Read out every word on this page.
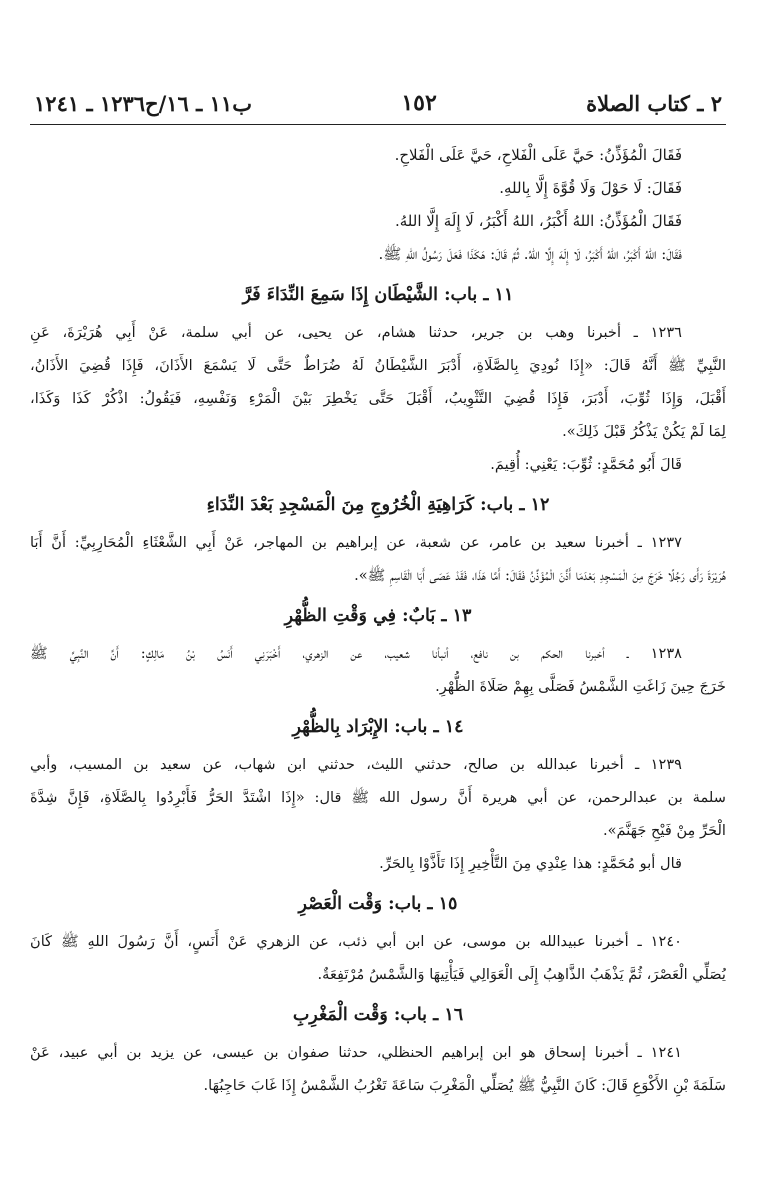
٢ ـ كتاب الصلاة
١٥٢
ب١١ ـ ١٦/ح١٢٣٦ ـ ١٢٤١
فَقَالَ الْمُؤَذِّنُ: حَيَّ عَلَى الْفَلاحِ، حَيَّ عَلَى الْفَلاحِ.
فَقَالَ: لَا حَوْلَ وَلَا قُوَّةَ إِلَّا بِاللهِ.
فَقَالَ الْمُؤَذِّنُ: اللهُ أَكْبَرُ، اللهُ أَكْبَرُ، لَا إِلَهَ إِلَّا اللهُ.
فَقَالَ: اللهُ أَكْبَرُ، اللهُ أَكْبَرُ، لَا إِلَهَ إِلَّا اللهُ. ثُمَّ قَالَ: هَكَذَا فَعَلَ رَسُولُ اللهِ ﷺ.
١١ ـ باب: الشَّيْطَان إِذَا سَمِعَ النِّدَاءَ فَرَّ
١٢٣٦ ـ أخبرنا وهب بن جرير، حدثنا هشام، عن يحيى، عن أبي سلمة، عَنْ أَبِي هُرَيْرَةَ، عَنِ
النَّبِيِّ ﷺ أَنَّهُ قَالَ: «إِذَا نُودِيَ بِالصَّلَاةِ، أَدْبَرَ الشَّيْطَانُ لَهُ ضُرَاطٌ حَتَّى لَا يَسْمَعَ الأَذَانَ، فَإِذَا قُضِيَ الأَذَانُ،
أَقْبَلَ، وَإِذَا ثُوِّبَ، أَدْبَرَ، فَإِذَا قُضِيَ التَّثْوِيبُ، أَقْبَلَ حَتَّى يَخْطِرَ بَيْنَ الْمَرْءِ وَنَفْسِهِ، فَيَقُولُ: اذْكُرْ كَذَا وَكَذَا،
لِمَا لَمْ يَكُنْ يَذْكُرُ قَبْلَ ذَلِكَ».
قَالَ أَبُو مُحَمَّدٍ: ثُوِّبَ: يَعْنِي: أُقِيمَ.
١٢ ـ باب: كَرَاهِيَةِ الْخُرُوجِ مِنَ الْمَسْجِدِ بَعْدَ النِّدَاءِ
١٢٣٧ ـ أخبرنا سعيد بن عامر، عن شعبة، عن إبراهيم بن المهاجر، عَنْ أَبِي الشَّعْثَاءِ الْمُحَارِبِيِّ: أَنَّ أَبَا
هُرَيْرَةَ رَأَى رَجُلًا خَرَجَ مِنَ الْمَسْجِدِ بَعْدَمَا أَذَّنَ الْمُؤَذِّنُ فَقَالَ: أَمَّا هَذَا، فَقَدْ عَصَى أَبَا الْقَاسِمِ ﷺ».
١٣ ـ بَابٌ: فِي وَقْتِ الظُّهْرِ
١٢٣٨ ـ أخبرنا الحكم بن نافع، أنبأنا شعيب، عن الزهري، أَخْبَرَنِي أَنَسُ بْنُ مَالِكٍ: أَنَّ النَّبِيَّ ﷺ
خَرَجَ حِينَ زَاغَتِ الشَّمْسُ فَصَلَّى بِهِمْ صَلَاةَ الظُّهْرِ.
١٤ ـ باب: الإِبْرَاد بِالظُّهْرِ
١٢٣٩ ـ أخبرنا عبدالله بن صالح، حدثني الليث، حدثني ابن شهاب، عن سعيد بن المسيب، وأبي
سلمة بن عبدالرحمن، عن أبي هريرة أَنَّ رسول الله ﷺ قال: «إِذَا اشْتَدَّ الحَرُّ فَأَبْرِدُوا بِالصَّلَاةِ، فَإِنَّ شِدَّةَ
الْحَرِّ مِنْ فَيْحِ جَهَنَّمَ».
قال أبو مُحَمَّدٍ: هذا عِنْدِي مِنَ التَّأْخِيرِ إِذَا تَأَذَّوْا بِالحَرِّ.
١٥ ـ باب: وَقْت الْعَصْرِ
١٢٤٠ ـ أخبرنا عبيدالله بن موسى، عن ابن أبي ذئب، عن الزهري عَنْ أَنَسٍ، أَنَّ رَسُولَ اللهِ ﷺ كَانَ
يُصَلِّي الْعَصْرَ، ثُمَّ يَذْهَبُ الذَّاهِبُ إِلَى الْعَوَالِي فَيَأْتِيهَا وَالشَّمْسُ مُرْتَفِعَةٌ.
١٦ ـ باب: وَقْت الْمَغْرِبِ
١٢٤١ ـ أخبرنا إسحاق هو ابن إبراهيم الحنظلي، حدثنا صفوان بن عيسى، عن يزيد بن أبي عبيد، عَنْ
سَلَمَةَ بْنِ الأَكْوَعِ قَالَ: كَانَ النَّبِيُّ ﷺ يُصَلِّي الْمَغْرِبَ سَاعَةَ تَغْرُبُ الشَّمْسُ إِذَا غَابَ حَاجِبُهَا.
